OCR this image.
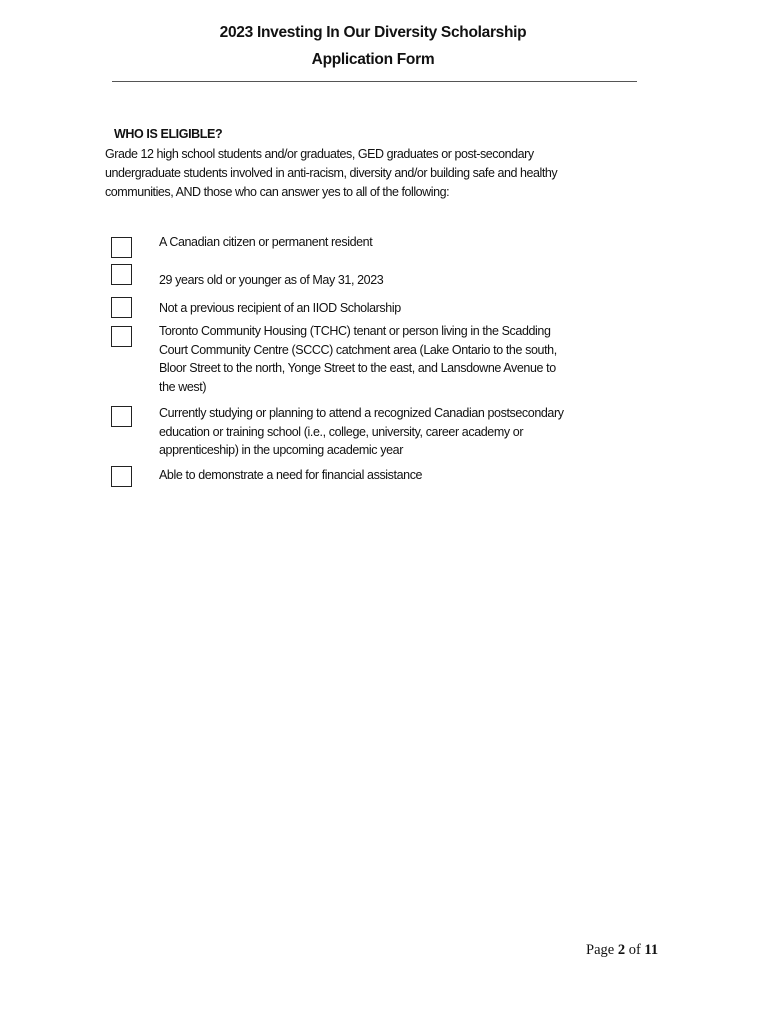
2023 Investing In Our Diversity Scholarship
Application Form
WHO IS ELIGIBLE?
Grade 12 high school students and/or graduates, GED graduates or post-secondary
undergraduate students involved in anti-racism, diversity and/or building safe and healthy
communities, AND those who can answer yes to all of the following:
A Canadian citizen or permanent resident
29 years old or younger as of May 31, 2023
Not a previous recipient of an IIOD Scholarship
Toronto Community Housing (TCHC) tenant or person living in the Scadding
Court Community Centre (SCCC) catchment area (Lake Ontario to the south,
Bloor Street to the north, Yonge Street to the east, and Lansdowne Avenue to
the west)
Currently studying or planning to attend a recognized Canadian postsecondary
education or training school (i.e., college, university, career academy or
apprenticeship) in the upcoming academic year
Able to demonstrate a need for financial assistance
Page 2 of 11
